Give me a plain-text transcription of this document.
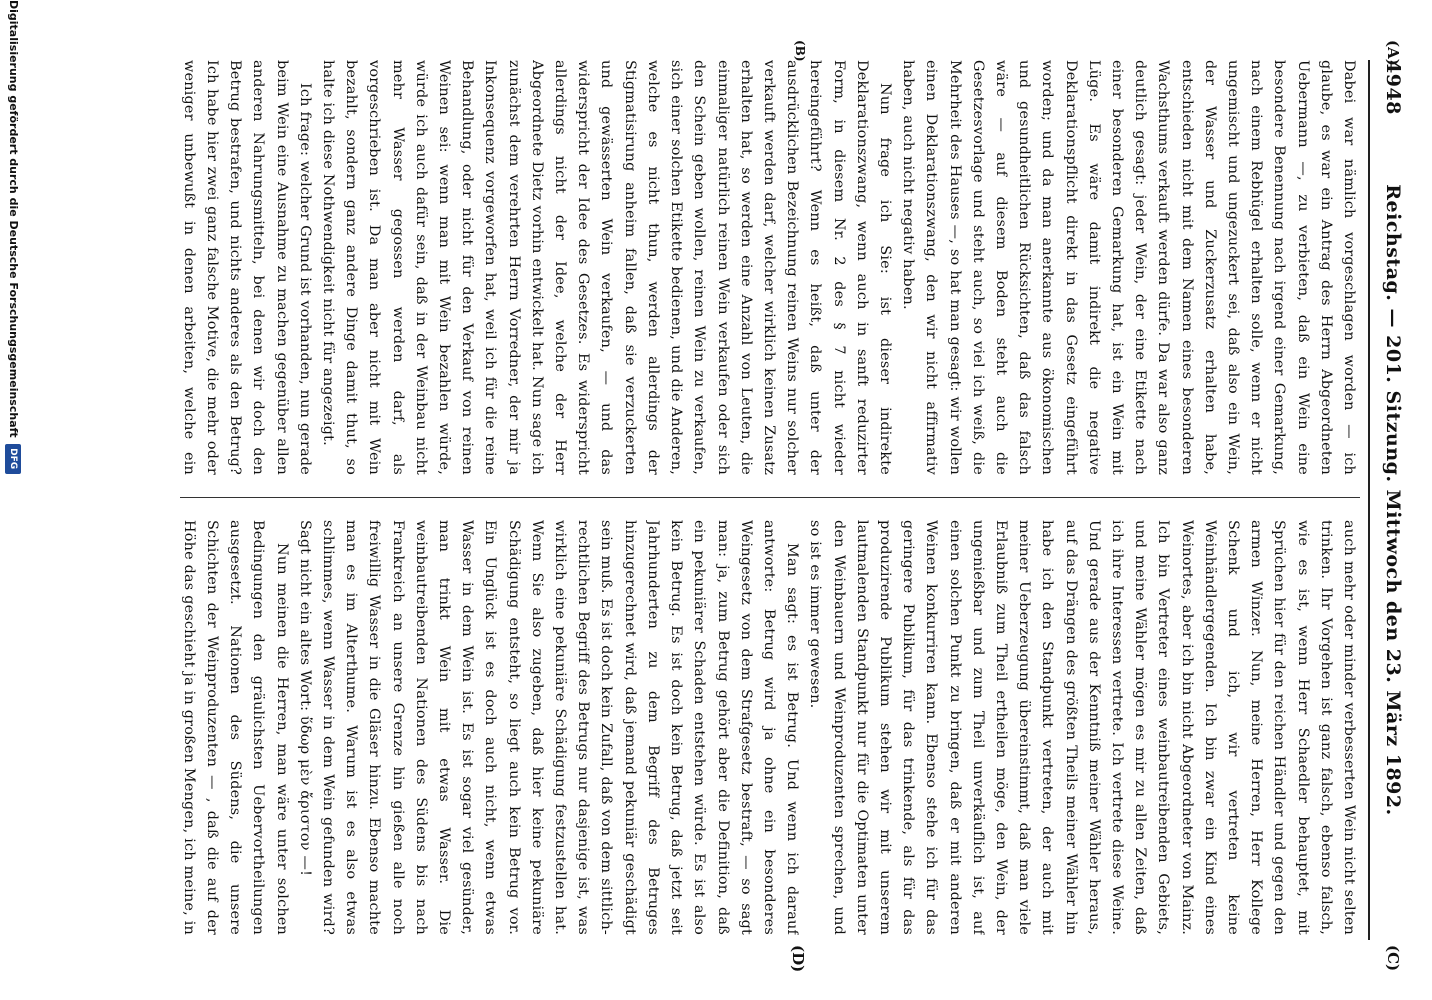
4948
Reichstag. — 201. Sitzung. Mittwoch den 23. März 1892.
(A)
(B)
(C)
(D)

Dabei war nämlich vorgeschlagen worden — ich glaube, es war ein Antrag des Herrn Abgeordneten Uebermann —, zu verbieten, daß ein Wein eine besondere Benennung nach irgend einer Gemarkung, nach einem Rebhügel erhalten solle, wenn er nicht ungemischt und ungezuckert sei, daß also ein Wein, der Wasser und Zuckerzusatz erhalten habe, entschieden nicht mit dem Namen eines besonderen Wachsthums verkauft werden dürfe. Da war also ganz deutlich gesagt: jeder Wein, der eine Etikette nach einer besonderen Gemarkung hat, ist ein Wein mit Lüge. Es wäre damit indirekt die negative Deklarationspflicht direkt in das Gesetz eingeführt worden; und da man anerkannte aus ökonomischen und gesundheitlichen Rücksichten, daß das falsch wäre — auf diesem Boden steht auch die Gesetzesvorlage und steht auch, so viel ich weiß, die Mehrheit des Hauses —, so hat man gesagt: wir wollen einen Deklarationszwang, den wir nicht affirmativ haben, auch nicht negativ haben.

Nun frage ich Sie: ist dieser indirekte Deklarationszwang, wenn auch in sanft reduzirter Form, in diesem Nr. 2 des § 7 nicht wieder hereingeführt? Wenn es heißt, daß unter der ausdrücklichen Bezeichnung reinen Weins nur solcher verkauft werden darf, welcher wirklich keinen Zusatz erhalten hat, so werden eine Anzahl von Leuten, die einmaliger natürlich reinen Wein verkaufen oder sich den Schein geben wollen, reinen Wein zu verkaufen, sich einer solchen Etikette bedienen, und die Anderen, welche es nicht thun, werden allerdings der Stigmatisirung anheim fallen, daß sie verzuckerten und gewässerten Wein verkaufen, — und das widerspricht der Idee des Gesetzes. Es widerspricht allerdings nicht der Idee, welche der Herr Abgeordnete Dietz vorhin entwickelt hat. Nun sage ich zunächst dem verehrten Herrn Vorredner, der mir ja Inkonsequenz vorgeworfen hat, weil ich für die reine Behandlung, oder nicht für den Verkauf von reinen Weinen sei: wenn man mit Wein bezahlen würde, würde ich auch dafür sein, daß in der Weinbau nicht mehr Wasser gegossen werden darf, als vorgeschrieben ist. Da man aber nicht mit Wein bezahlt, sondern ganz andere Dinge damit thut, so halte ich diese Nothwendigkeit nicht für angezeigt.

Ich frage: welcher Grund ist vorhanden, nun gerade beim Wein eine Ausnahme zu machen gegenüber allen anderen Nahrungsmitteln, bei denen wir doch den Betrug bestrafen, und nichts anderes als den Betrug? Ich habe hier zwei ganz falsche Motive, die mehr oder weniger unbewußt in denen arbeiten, welche ein

auch mehr oder minder verbesserten Wein nicht selten trinken. Ihr Vorgehen ist ganz falsch, ebenso falsch, wie es ist, wenn Herr Schaedler behauptet, mit Sprüchen hier für den reichen Händler und gegen den armen Winzer. Nun, meine Herren, Herr Kollege Schenk und ich, wir vertreten keine Weinhändlergegenden. Ich bin zwar ein Kind eines Weinortes, aber ich bin nicht Abgeordneter von Mainz. Ich bin Vertreter eines weinbautreibenden Gebiets, und meine Wähler mögen es mir zu allen Zeiten, daß ich ihre Interessen vertrete. Ich vertrete diese Weine. Und gerade aus der Kenntniß meiner Wähler heraus, auf das Drängen des größten Theils meiner Wähler hin habe ich den Standpunkt vertreten, der auch mit meiner Ueberzeugung übereinstimmt, daß man viele Erlaubniß zum Theil ertheilen möge, den Wein, der ungenießbar und zum Theil unverkäuflich ist, auf einen solchen Punkt zu bringen, daß er mit anderen Weinen konkurriren kann. Ebenso stehe ich für das geringere Publikum, für das trinkende, als für das produzirende Publikum stehen wir mit unserem lautmalenden Standpunkt nur für die Optimaten unter den Weinbauern und Weinproduzenten sprechen, und so ist es immer gewesen.

Man sagt: es ist Betrug. Und wenn ich darauf antworte: Betrug wird ja ohne ein besonderes Weingesetz von dem Strafgesetz bestraft, — so sagt man: ja, zum Betrug gehört aber die Definition, daß ein pekuniärer Schaden entstehen würde. Es ist also kein Betrug. Es ist doch kein Betrug, daß jetzt seit Jahrhunderten zu dem Begriff des Betruges hinzugerechnet wird, daß jemand pekuniär geschädigt sein muß. Es ist doch kein Zufall, daß von dem sittlich-rechtlichen Begriff des Betrugs nur dasjenige ist, was wirklich eine pekuniäre Schädigung festzustellen hat. Wenn Sie also zugeben, daß hier keine pekuniäre Schädigung entsteht, so liegt auch kein Betrug vor. Ein Unglück ist es doch auch nicht, wenn etwas Wasser in dem Wein ist. Es ist sogar viel gesünder, man trinkt Wein mit etwas Wasser. Die weinbautreibenden Nationen des Südens bis nach Frankreich an unsere Grenze hin gießen alle noch freiwillig Wasser in die Gläser hinzu. Ebenso machte man es im Alterthume. Warum ist es also etwas schlimmes, wenn Wasser in dem Wein gefunden wird? Sagt nicht ein altes Wort: ὕδωρ μὲν ἄριστον —!

Nun meinen die Herren, man wäre unter solchen Bedingungen den gräulichsten Uebervortheilungen ausgesetzt. Nationen des Südens, die unsere Schichten der Weinproduzenten — , daß die auf der Höhe das geschieht ja in großen Mengen, ich meine, in

Digitalisierung gefördert durch die Deutsche ForschungsgemeinschaftDFG
